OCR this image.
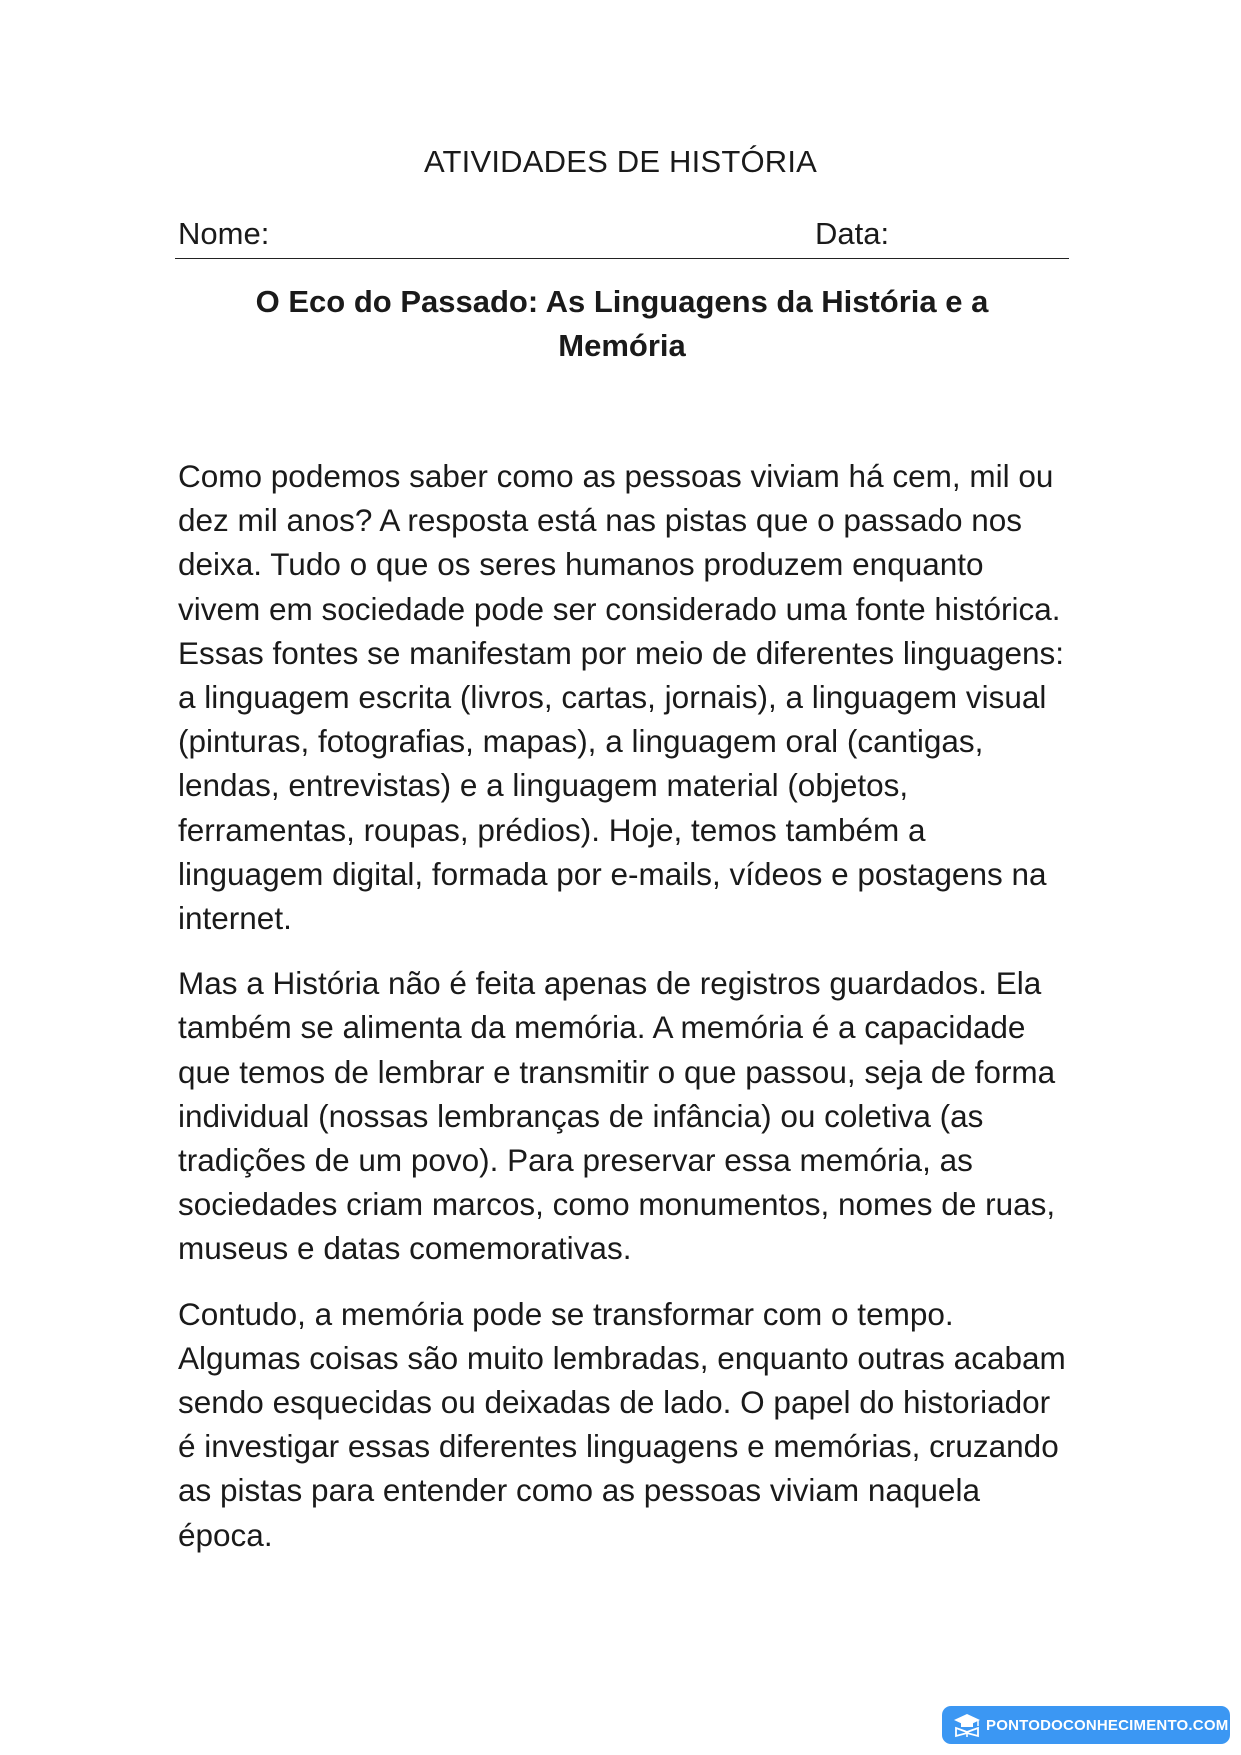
ATIVIDADES DE HISTÓRIA
Nome:	Data:
O Eco do Passado: As Linguagens da História e a
Memória

Como podemos saber como as pessoas viviam há cem, mil ou dez mil anos? A resposta está nas pistas que o passado nos deixa. Tudo o que os seres humanos produzem enquanto vivem em sociedade pode ser considerado uma fonte histórica. Essas fontes se manifestam por meio de diferentes linguagens: a linguagem escrita (livros, cartas, jornais), a linguagem visual (pinturas, fotografias, mapas), a linguagem oral (cantigas, lendas, entrevistas) e a linguagem material (objetos, ferramentas, roupas, prédios). Hoje, temos também a linguagem digital, formada por e-mails, vídeos e postagens na internet.

Mas a História não é feita apenas de registros guardados. Ela também se alimenta da memória. A memória é a capacidade que temos de lembrar e transmitir o que passou, seja de forma individual (nossas lembranças de infância) ou coletiva (as tradições de um povo). Para preservar essa memória, as sociedades criam marcos, como monumentos, nomes de ruas, museus e datas comemorativas.

Contudo, a memória pode se transformar com o tempo. Algumas coisas são muito lembradas, enquanto outras acabam sendo esquecidas ou deixadas de lado. O papel do historiador é investigar essas diferentes linguagens e memórias, cruzando as pistas para entender como as pessoas viviam naquela época.

PONTODOCONHECIMENTO.COM
